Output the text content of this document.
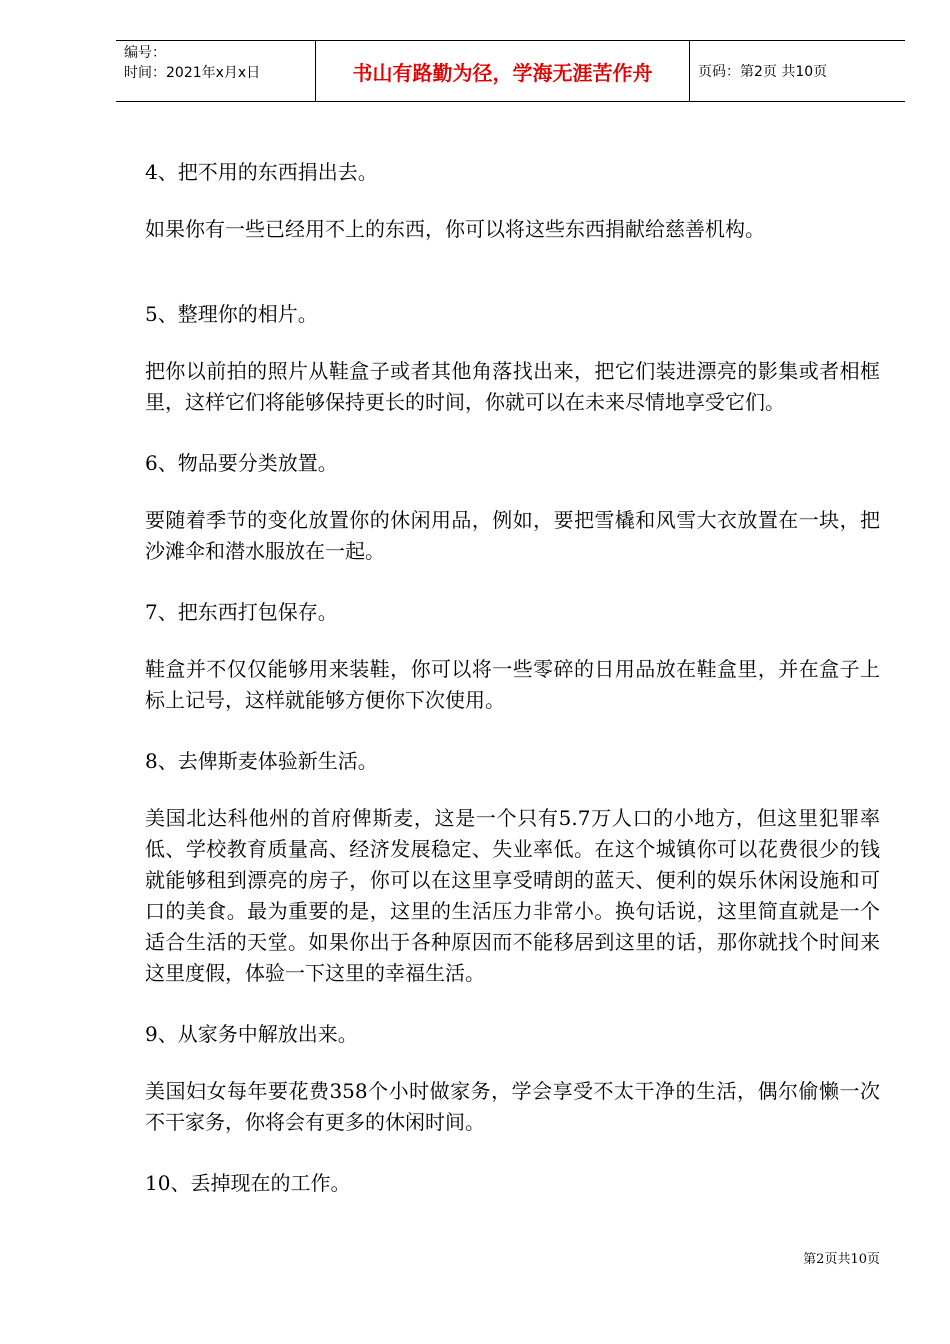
编号：
时间：2021年x月x日	书山有路勤为径，学海无涯苦作舟	页码：第2页 共10页

4、把不用的东西捐出去。

如果你有一些已经用不上的东西，你可以将这些东西捐献给慈善机构。

5、整理你的相片。

把你以前拍的照片从鞋盒子或者其他角落找出来，把它们装进漂亮的影集或者相框里，这样它们将能够保持更长的时间，你就可以在未来尽情地享受它们。

6、物品要分类放置。

要随着季节的变化放置你的休闲用品，例如，要把雪橇和风雪大衣放置在一块，把沙滩伞和潜水服放在一起。

7、把东西打包保存。

鞋盒并不仅仅能够用来装鞋，你可以将一些零碎的日用品放在鞋盒里，并在盒子上标上记号，这样就能够方便你下次使用。

8、去俾斯麦体验新生活。

美国北达科他州的首府俾斯麦，这是一个只有5.7万人口的小地方，但这里犯罪率低、学校教育质量高、经济发展稳定、失业率低。在这个城镇你可以花费很少的钱就能够租到漂亮的房子，你可以在这里享受晴朗的蓝天、便利的娱乐休闲设施和可口的美食。最为重要的是，这里的生活压力非常小。换句话说，这里简直就是一个适合生活的天堂。如果你出于各种原因而不能移居到这里的话，那你就找个时间来这里度假，体验一下这里的幸福生活。

9、从家务中解放出来。

美国妇女每年要花费358个小时做家务，学会享受不太干净的生活，偶尔偷懒一次不干家务，你将会有更多的休闲时间。

10、丢掉现在的工作。

第2页共10页
